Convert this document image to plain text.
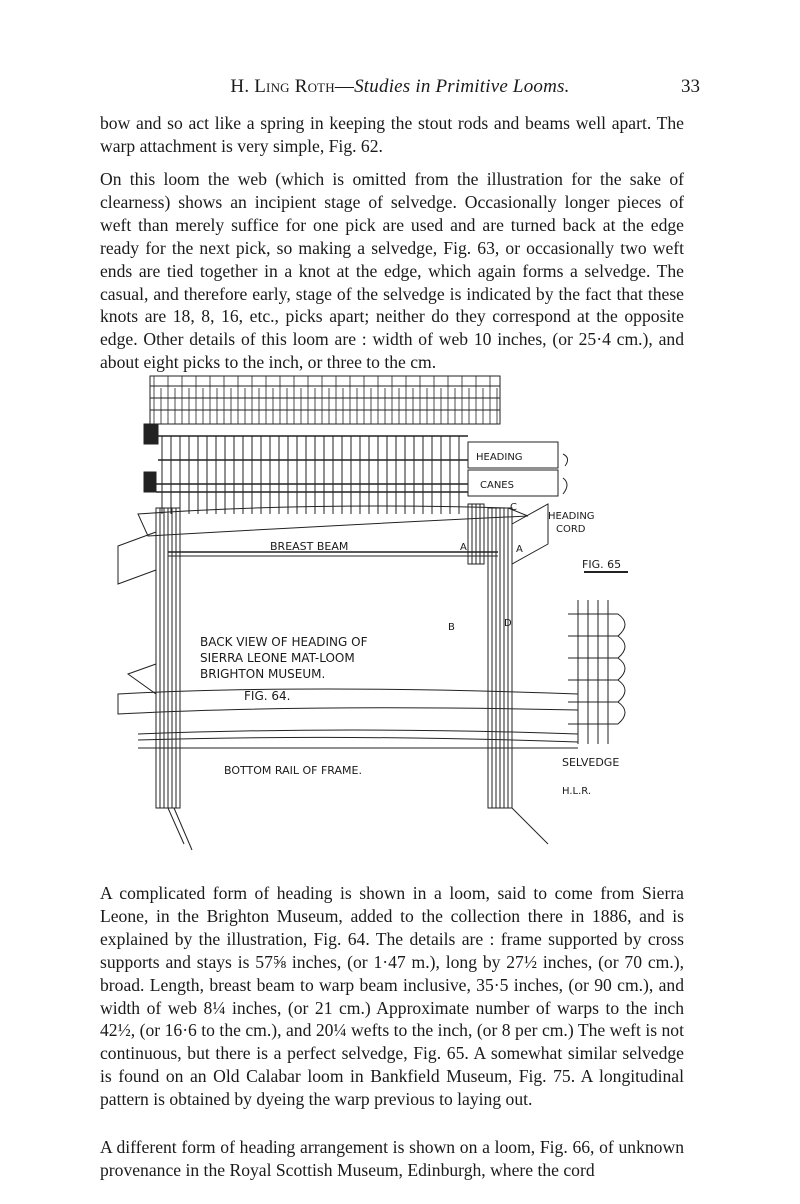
H. Ling Roth—Studies in Primitive Looms.	33

bow and so act like a spring in keeping the stout rods and beams well apart. The warp attachment is very simple, Fig. 62.

On this loom the web (which is omitted from the illustration for the sake of clearness) shows an incipient stage of selvedge. Occasionally longer pieces of weft than merely suffice for one pick are used and are turned back at the edge ready for the next pick, so making a selvedge, Fig. 63, or occasionally two weft ends are tied together in a knot at the edge, which again forms a selvedge. The casual, and therefore early, stage of the selvedge is indicated by the fact that these knots are 18, 8, 16, etc., picks apart; neither do they correspond at the opposite edge. Other details of this loom are : width of web 10 inches, (or 25·4 cm.), and about eight picks to the inch, or three to the cm.

HEADING
CANES
HEADING
CORD
BREAST BEAM	A	A
C
B	D
BACK VIEW OF HEADING OF
SIERRA LEONE MAT-LOOM
BRIGHTON MUSEUM.
FIG. 64.
FIG. 65
SELVEDGE
BOTTOM RAIL OF FRAME.
H.L.R.

A complicated form of heading is shown in a loom, said to come from Sierra Leone, in the Brighton Museum, added to the collection there in 1886, and is explained by the illustration, Fig. 64. The details are : frame supported by cross supports and stays is 57⅝ inches, (or 1·47 m.), long by 27½ inches, (or 70 cm.), broad. Length, breast beam to warp beam inclusive, 35·5 inches, (or 90 cm.), and width of web 8¼ inches, (or 21 cm.) Approximate number of warps to the inch 42½, (or 16·6 to the cm.), and 20¼ wefts to the inch, (or 8 per cm.) The weft is not continuous, but there is a perfect selvedge, Fig. 65. A somewhat similar selvedge is found on an Old Calabar loom in Bankfield Museum, Fig. 75. A longitudinal pattern is obtained by dyeing the warp previous to laying out.

A different form of heading arrangement is shown on a loom, Fig. 66, of unknown provenance in the Royal Scottish Museum, Edinburgh, where the cord
